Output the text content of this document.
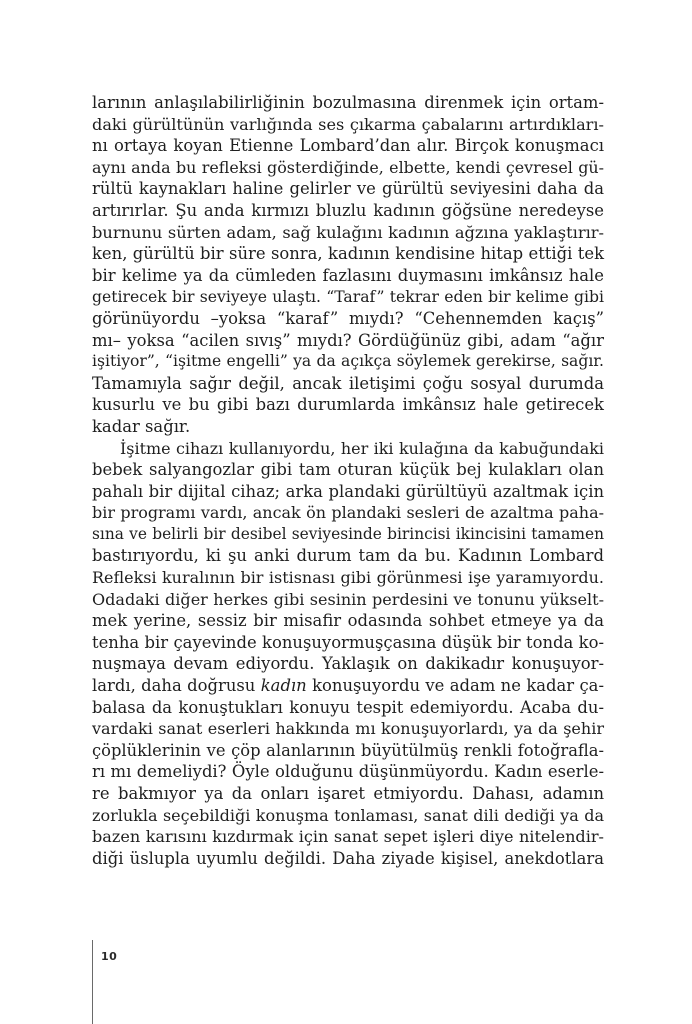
larının anlaşılabilirliğinin bozulmasına direnmek için ortam-
daki gürültünün varlığında ses çıkarma çabalarını artırdıkları-
nı ortaya koyan Etienne Lombard’dan alır. Birçok konuşmacı
aynı anda bu refleksi gösterdiğinde, elbette, kendi çevresel gü-
rültü kaynakları haline gelirler ve gürültü seviyesini daha da
artırırlar. Şu anda kırmızı bluzlu kadının göğsüne neredeyse
burnunu sürten adam, sağ kulağını kadının ağzına yaklaştırır-
ken, gürültü bir süre sonra, kadının kendisine hitap ettiği tek
bir kelime ya da cümleden fazlasını duymasını imkânsız hale
getirecek bir seviyeye ulaştı. “Taraf” tekrar eden bir kelime gibi
görünüyordu –yoksa “karaf” mıydı? “Cehennemden kaçış”
mı– yoksa “acilen sıvış” mıydı? Gördüğünüz gibi, adam “ağır
işitiyor”, “işitme engelli” ya da açıkça söylemek gerekirse, sağır.
Tamamıyla sağır değil, ancak iletişimi çoğu sosyal durumda
kusurlu ve bu gibi bazı durumlarda imkânsız hale getirecek
kadar sağır.
İşitme cihazı kullanıyordu, her iki kulağına da kabuğundaki
bebek salyangozlar gibi tam oturan küçük bej kulakları olan
pahalı bir dijital cihaz; arka plandaki gürültüyü azaltmak için
bir programı vardı, ancak ön plandaki sesleri de azaltma paha-
sına ve belirli bir desibel seviyesinde birincisi ikincisini tamamen
bastırıyordu, ki şu anki durum tam da bu. Kadının Lombard
Refleksi kuralının bir istisnası gibi görünmesi işe yaramıyordu.
Odadaki diğer herkes gibi sesinin perdesini ve tonunu yükselt-
mek yerine, sessiz bir misafir odasında sohbet etmeye ya da
tenha bir çayevinde konuşuyormuşçasına düşük bir tonda ko-
nuşmaya devam ediyordu. Yaklaşık on dakikadır konuşuyor-
lardı, daha doğrusu kadın konuşuyordu ve adam ne kadar ça-
balasa da konuştukları konuyu tespit edemiyordu. Acaba du-
vardaki sanat eserleri hakkında mı konuşuyorlardı, ya da şehir
çöplüklerinin ve çöp alanlarının büyütülmüş renkli fotoğrafla-
rı mı demeliydi? Öyle olduğunu düşünmüyordu. Kadın eserle-
re bakmıyor ya da onları işaret etmiyordu. Dahası, adamın
zorlukla seçebildiği konuşma tonlaması, sanat dili dediği ya da
bazen karısını kızdırmak için sanat sepet işleri diye nitelendir-
diği üslupla uyumlu değildi. Daha ziyade kişisel, anekdotlara
10
